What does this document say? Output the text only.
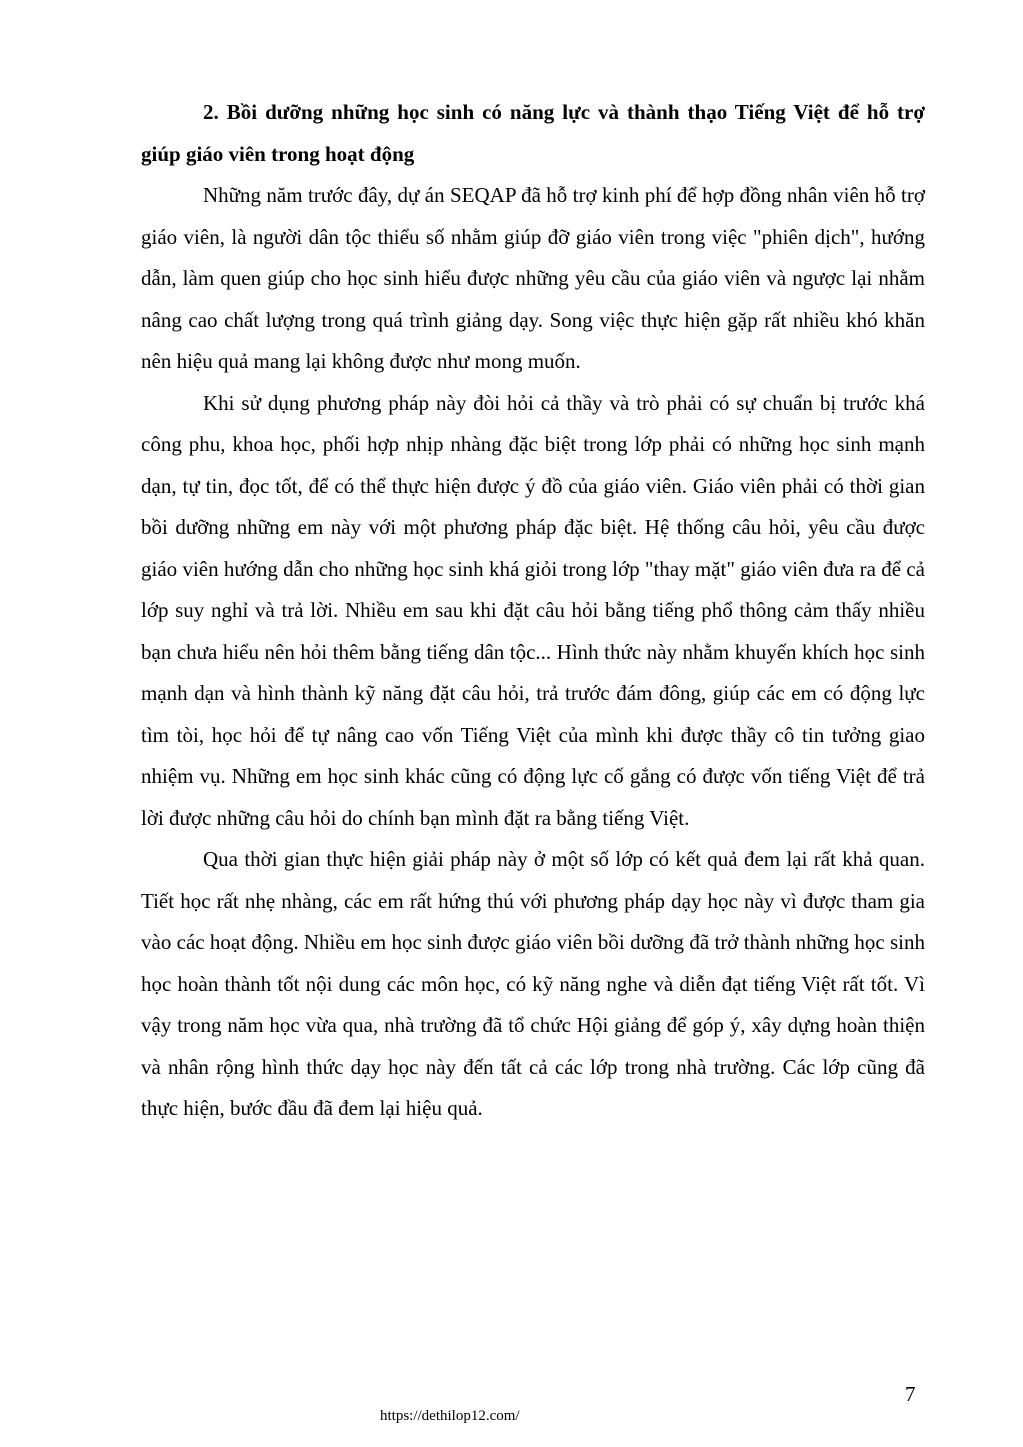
2. Bồi dưỡng những học sinh có năng lực và thành thạo Tiếng Việt để hỗ trợ giúp giáo viên trong hoạt động

Những năm trước đây, dự án SEQAP đã hỗ trợ kinh phí để hợp đồng nhân viên hỗ trợ giáo viên, là người dân tộc thiểu số nhằm giúp đỡ giáo viên trong việc "phiên dịch", hướng dẫn, làm quen giúp cho học sinh hiểu được những yêu cầu của giáo viên và ngược lại nhằm nâng cao chất lượng trong quá trình giảng dạy. Song việc thực hiện gặp rất nhiều khó khăn nên hiệu quả mang lại không được như mong muốn.

Khi sử dụng phương pháp này đòi hỏi cả thầy và trò phải có sự chuẩn bị trước khá công phu, khoa học, phối hợp nhịp nhàng đặc biệt trong lớp phải có những học sinh mạnh dạn, tự tin, đọc tốt, để có thể thực hiện được ý đồ của giáo viên. Giáo viên phải có thời gian bồi dưỡng những em này với một phương pháp đặc biệt. Hệ thống câu hỏi, yêu cầu được giáo viên hướng dẫn cho những học sinh khá giỏi trong lớp "thay mặt" giáo viên đưa ra để cả lớp suy nghỉ và trả lời. Nhiều em sau khi đặt câu hỏi bằng tiếng phổ thông cảm thấy nhiều bạn chưa hiểu nên hỏi thêm bằng tiếng dân tộc... Hình thức này nhằm khuyến khích học sinh mạnh dạn và hình thành kỹ năng đặt câu hỏi, trả trước đám đông, giúp các em có động lực tìm tòi, học hỏi để tự nâng cao vốn Tiếng Việt của mình khi được thầy cô tin tưởng giao nhiệm vụ. Những em học sinh khác cũng có động lực cố gắng có được vốn tiếng Việt để trả lời được những câu hỏi do chính bạn mình đặt ra bằng tiếng Việt.

Qua thời gian thực hiện giải pháp này ở một số lớp có kết quả đem lại rất khả quan. Tiết học rất nhẹ nhàng, các em rất hứng thú với phương pháp dạy học này vì được tham gia vào các hoạt động. Nhiều em học sinh được giáo viên bồi dưỡng đã trở thành những học sinh học hoàn thành tốt nội dung các môn học, có kỹ năng nghe và diễn đạt tiếng Việt rất tốt. Vì vậy trong năm học vừa qua, nhà trường đã tổ chức Hội giảng để góp ý, xây dựng hoàn thiện và nhân rộng hình thức dạy học này đến tất cả các lớp trong nhà trường. Các lớp cũng đã thực hiện, bước đầu đã đem lại hiệu quả.

7
https://dethilop12.com/
